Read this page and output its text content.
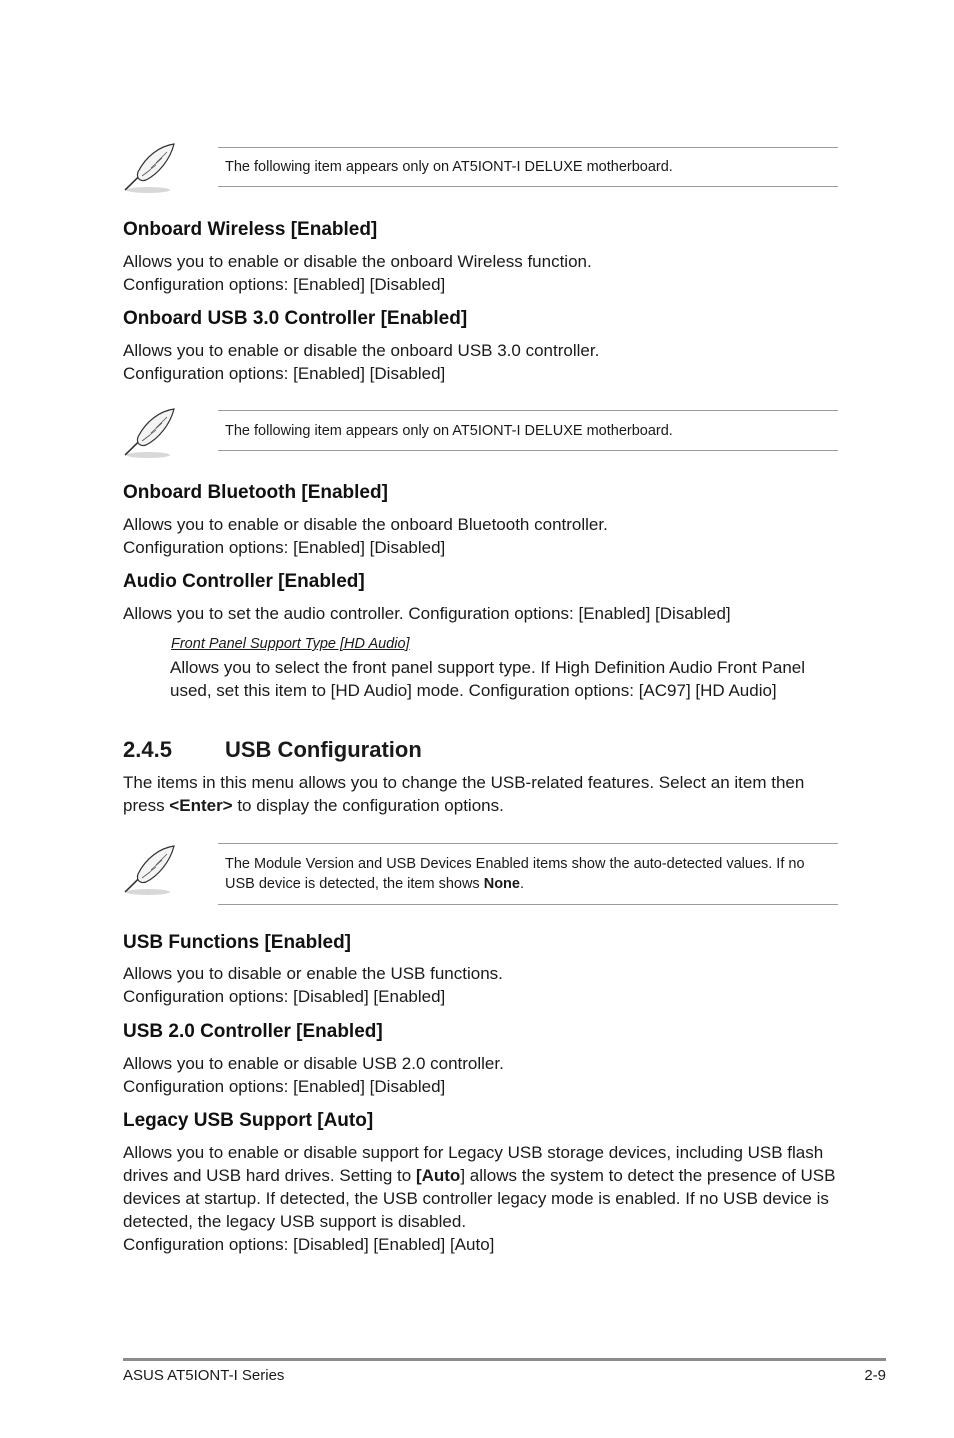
The following item appears only on AT5IONT-I DELUXE motherboard.
Onboard Wireless [Enabled]
Allows you to enable or disable the onboard Wireless function.
Configuration options: [Enabled] [Disabled]
Onboard USB 3.0 Controller [Enabled]
Allows you to enable or disable the onboard USB 3.0 controller.
Configuration options: [Enabled] [Disabled]
The following item appears only on AT5IONT-I DELUXE motherboard.
Onboard Bluetooth [Enabled]
Allows you to enable or disable the onboard Bluetooth controller.
Configuration options: [Enabled] [Disabled]
Audio Controller [Enabled]
Allows you to set the audio controller. Configuration options: [Enabled] [Disabled]
Front Panel Support Type [HD Audio]
Allows you to select the front panel support type. If High Definition Audio Front Panel used, set this item to [HD Audio] mode. Configuration options: [AC97] [HD Audio]
2.4.5 USB Configuration
The items in this menu allows you to change the USB-related features. Select an item then press <Enter> to display the configuration options.
The Module Version and USB Devices Enabled items show the auto-detected values. If no USB device is detected, the item shows None.
USB Functions [Enabled]
Allows you to disable or enable the USB functions.
Configuration options: [Disabled] [Enabled]
USB 2.0 Controller [Enabled]
Allows you to enable or disable USB 2.0 controller.
Configuration options: [Enabled] [Disabled]
Legacy USB Support [Auto]
Allows you to enable or disable support for Legacy USB storage devices, including USB flash drives and USB hard drives. Setting to [Auto] allows the system to detect the presence of USB devices at startup. If detected, the USB controller legacy mode is enabled. If no USB device is detected, the legacy USB support is disabled.
Configuration options: [Disabled] [Enabled] [Auto]
ASUS AT5IONT-I Series	2-9
